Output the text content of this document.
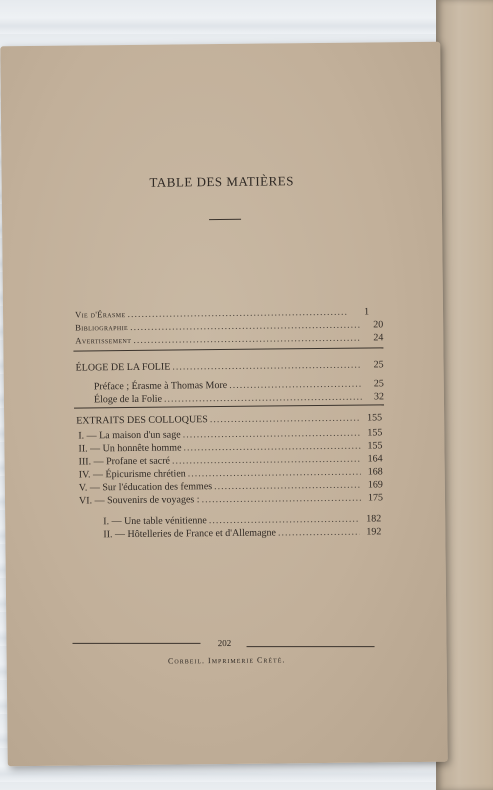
TABLE DES MATIÈRES
Vie d'Érasme .....	1
Bibliographie .....	20
Avertissement .....	24
ÉLOGE DE LA FOLIE .....	25
Préface ; Érasme à Thomas More .....	25
Éloge de la Folie .....	32
EXTRAITS DES COLLOQUES .....	155
I. — La maison d'un sage .....	155
II. — Un honnête homme .....	155
III. — Profane et sacré .....	164
IV. — Épicurisme chrétien .....	168
V. — Sur l'éducation des femmes .....	169
VI. — Souvenirs de voyages : .....	175
I. — Une table vénitienne .....	182
II. — Hôtelleries de France et d'Allemagne .....	192
202
Corbeil. Imprimerie Crété.
